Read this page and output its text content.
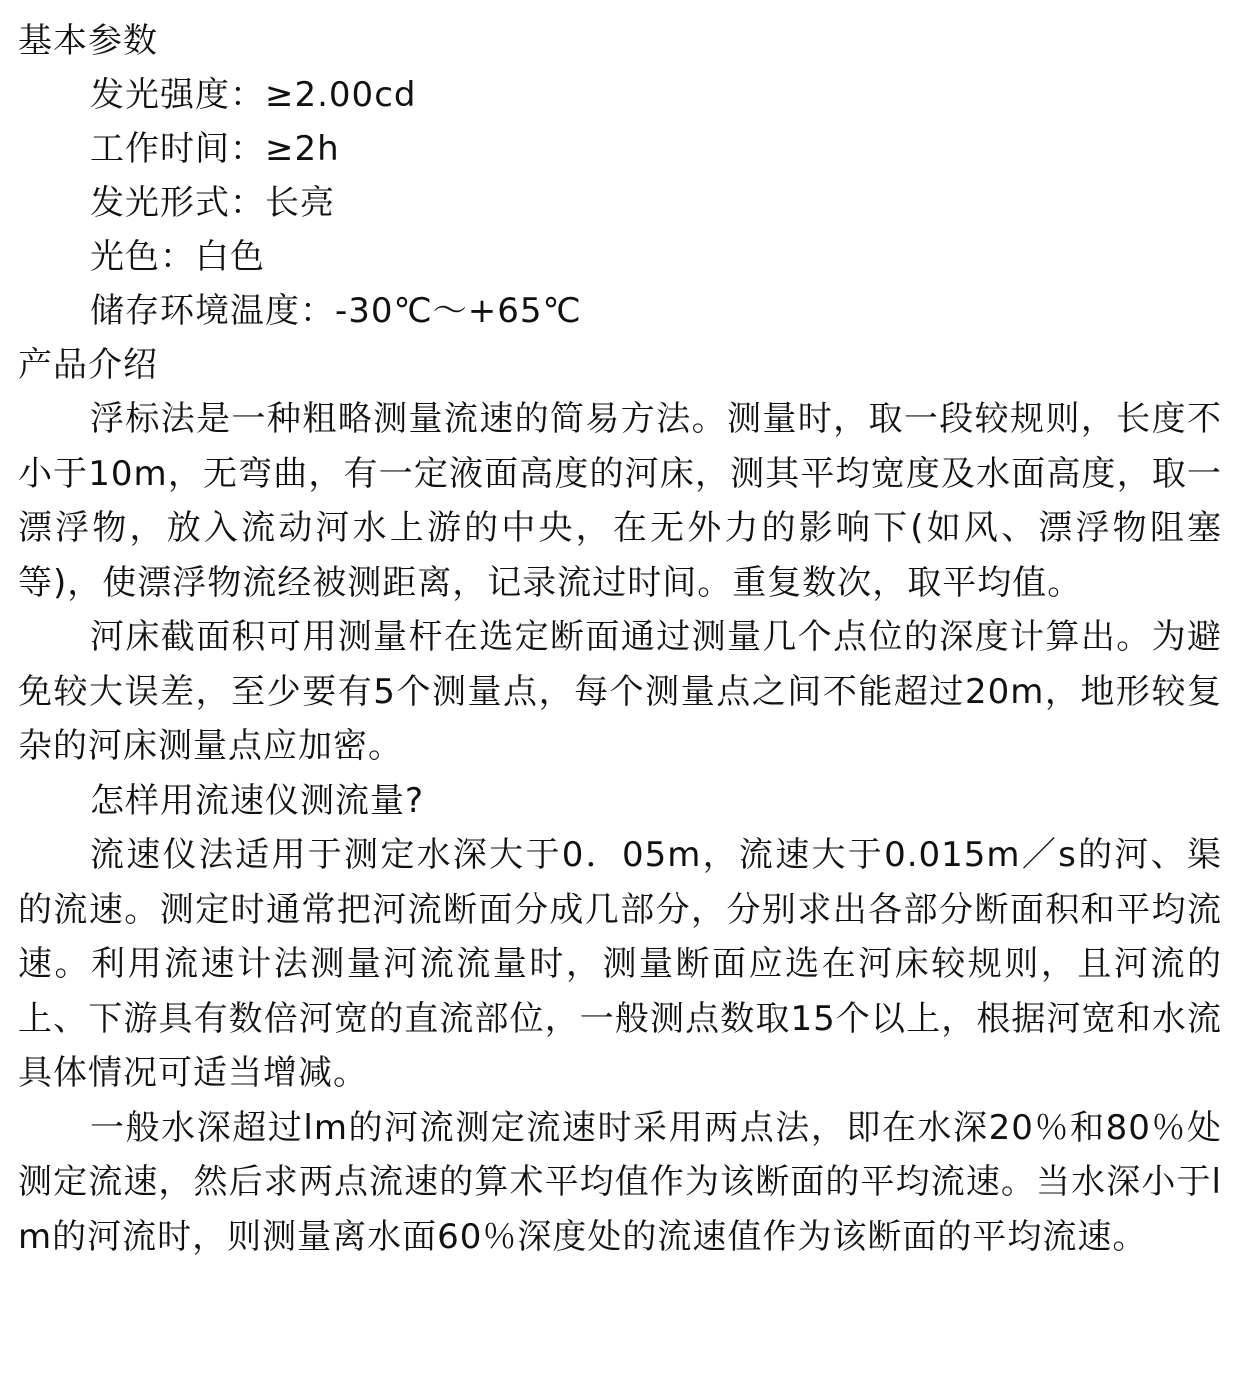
基本参数
发光强度：≥2.00cd
工作时间：≥2h
发光形式：长亮
光色：白色
储存环境温度：-30℃～+65℃
产品介绍

浮标法是一种粗略测量流速的简易方法。测量时，取一段较规则，长度不小于10m，无弯曲，有一定液面高度的河床，测其平均宽度及水面高度，取一漂浮物，放入流动河水上游的中央，在无外力的影响下(如风、漂浮物阻塞等)，使漂浮物流经被测距离，记录流过时间。重复数次，取平均值。

河床截面积可用测量杆在选定断面通过测量几个点位的深度计算出。为避免较大误差，至少要有5个测量点，每个测量点之间不能超过20m，地形较复杂的河床测量点应加密。

怎样用流速仪测流量?

流速仪法适用于测定水深大于0．05m，流速大于0.015m／s的河、渠的流速。测定时通常把河流断面分成几部分，分别求出各部分断面积和平均流速。利用流速计法测量河流流量时，测量断面应选在河床较规则，且河流的上、下游具有数倍河宽的直流部位，一般测点数取15个以上，根据河宽和水流具体情况可适当增减。

一般水深超过lm的河流测定流速时采用两点法，即在水深20％和80％处测定流速，然后求两点流速的算术平均值作为该断面的平均流速。当水深小于lm的河流时，则测量离水面60％深度处的流速值作为该断面的平均流速。
